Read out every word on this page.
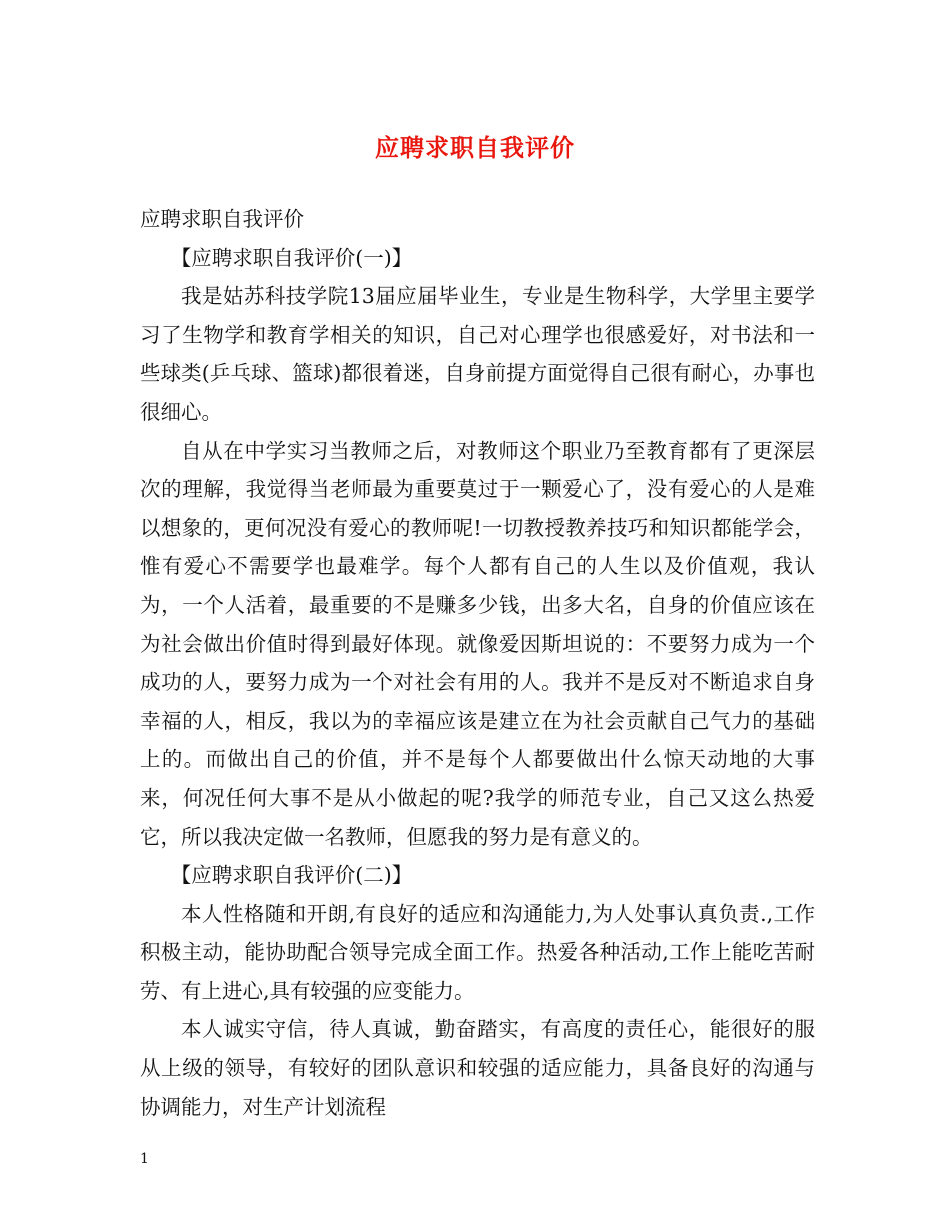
应聘求职自我评价

应聘求职自我评价

【应聘求职自我评价(一)】

我是姑苏科技学院13届应届毕业生，专业是生物科学，大学里主要学习了生物学和教育学相关的知识，自己对心理学也很感爱好，对书法和一些球类(乒乓球、篮球)都很着迷，自身前提方面觉得自己很有耐心，办事也很细心。

自从在中学实习当教师之后，对教师这个职业乃至教育都有了更深层次的理解，我觉得当老师最为重要莫过于一颗爱心了，没有爱心的人是难以想象的，更何况没有爱心的教师呢!一切教授教养技巧和知识都能学会，惟有爱心不需要学也最难学。每个人都有自己的人生以及价值观，我认为，一个人活着，最重要的不是赚多少钱，出多大名，自身的价值应该在为社会做出价值时得到最好体现。就像爱因斯坦说的：不要努力成为一个成功的人，要努力成为一个对社会有用的人。我并不是反对不断追求自身幸福的人，相反，我以为的幸福应该是建立在为社会贡献自己气力的基础上的。而做出自己的价值，并不是每个人都要做出什么惊天动地的大事来，何况任何大事不是从小做起的呢?我学的师范专业，自己又这么热爱它，所以我决定做一名教师，但愿我的努力是有意义的。

【应聘求职自我评价(二)】

本人性格随和开朗,有良好的适应和沟通能力,为人处事认真负责.,工作积极主动，能协助配合领导完成全面工作。热爱各种活动,工作上能吃苦耐劳、有上进心,具有较强的应变能力。

本人诚实守信，待人真诚，勤奋踏实，有高度的责任心，能很好的服从上级的领导，有较好的团队意识和较强的适应能力，具备良好的沟通与协调能力，对生产计划流程

1
